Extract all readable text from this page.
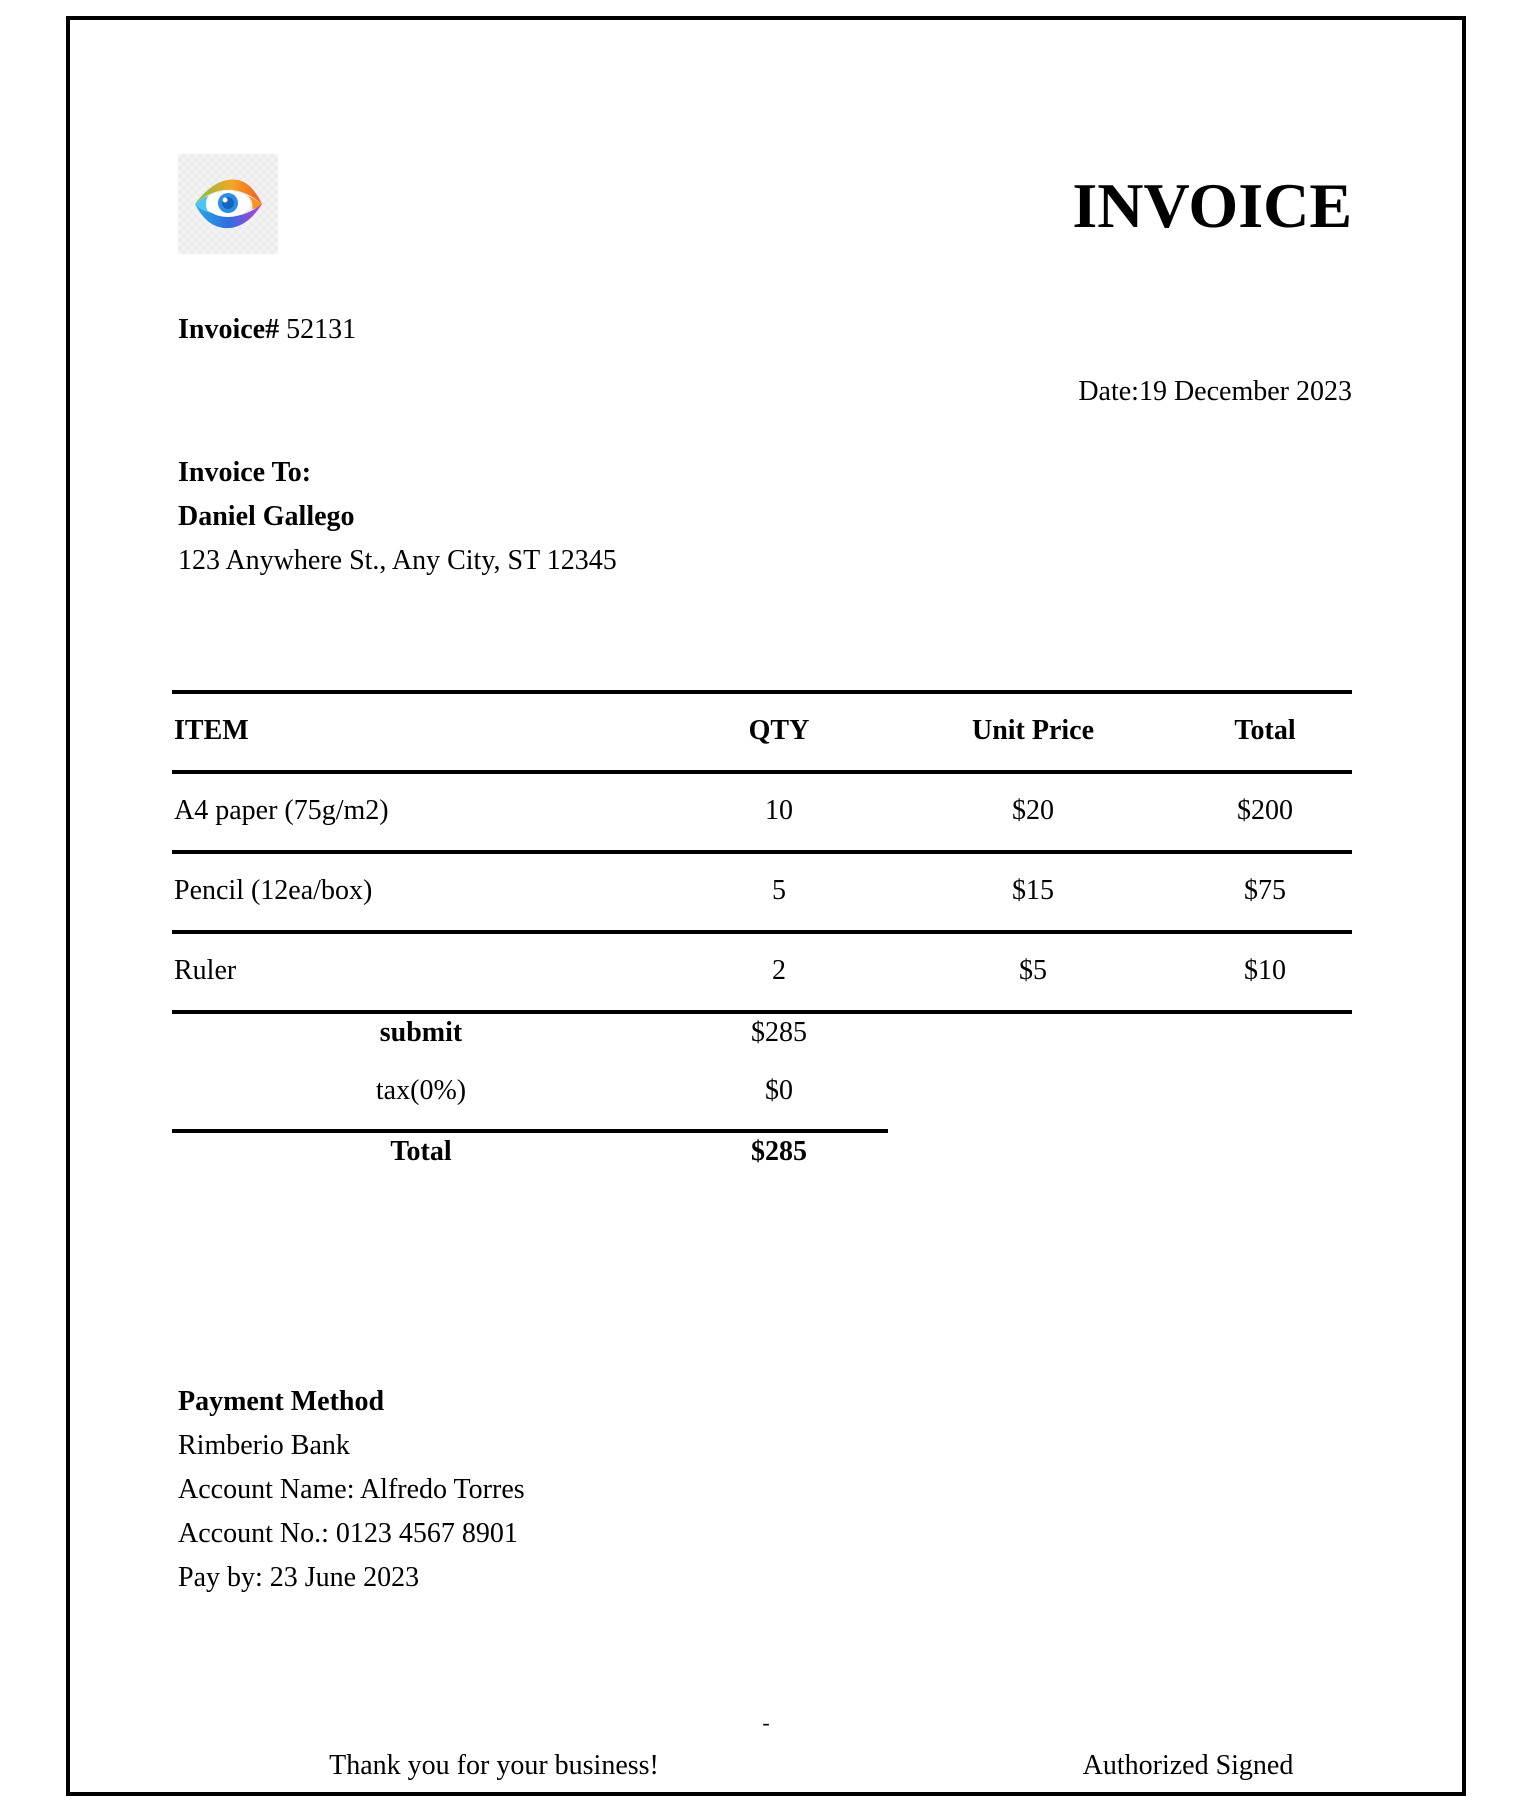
INVOICE
Invoice# 52131
Date:19 December 2023
Invoice To:
Daniel Gallego
123 Anywhere St., Any City, ST 12345
ITEM	QTY	Unit Price	Total
A4 paper (75g/m2)	10	$20	$200
Pencil (12ea/box)	5	$15	$75
Ruler	2	$5	$10
submit	$285
tax(0%)	$0
Total	$285
Payment Method
Rimberio Bank
Account Name: Alfredo Torres
Account No.: 0123 4567 8901
Pay by: 23 June 2023
-
Thank you for your business!	Authorized Signed
